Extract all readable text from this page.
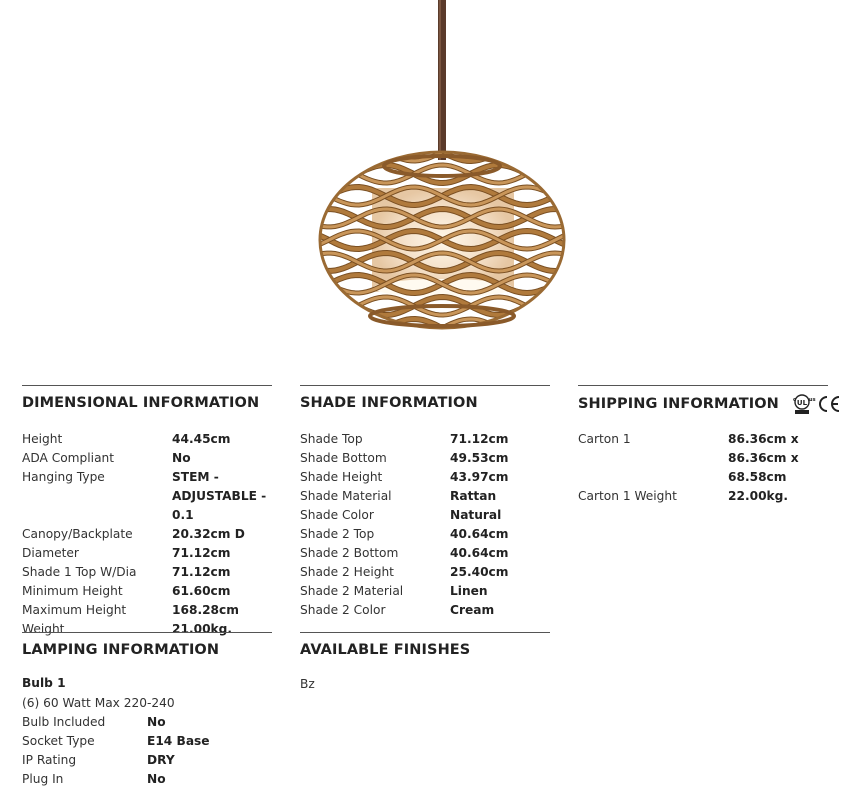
DIMENSIONAL INFORMATION
Height	44.45cm
ADA Compliant	No
Hanging Type	STEM - ADJUSTABLE - 0.1
Canopy/Backplate	20.32cm D
Diameter	71.12cm
Shade 1 Top W/Dia	71.12cm
Minimum Height	61.60cm
Maximum Height	168.28cm
Weight	21.00kg.
SHADE INFORMATION
Shade Top	71.12cm
Shade Bottom	49.53cm
Shade Height	43.97cm
Shade Material	Rattan
Shade Color	Natural
Shade 2 Top	40.64cm
Shade 2 Bottom	40.64cm
Shade 2 Height	25.40cm
Shade 2 Material	Linen
Shade 2 Color	Cream
SHIPPING INFORMATION	UL
c	us
Carton 1	86.36cm x 86.36cm x 68.58cm
Carton 1 Weight	22.00kg.
LAMPING INFORMATION
Bulb 1
(6) 60 Watt Max 220-240
Bulb Included	No
Socket Type	E14 Base
IP Rating	DRY
Plug In	No
AVAILABLE FINISHES
Bz
